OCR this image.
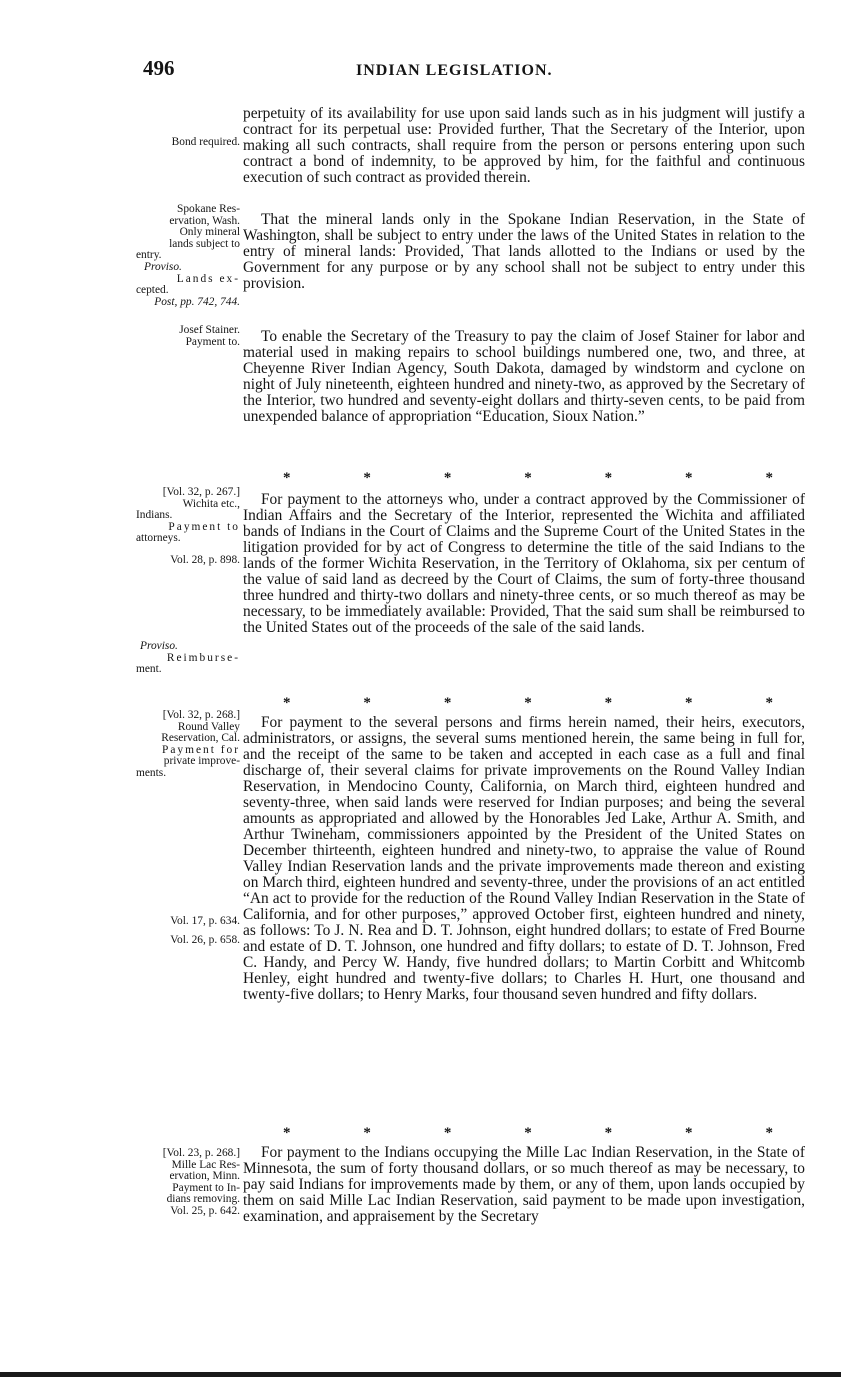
496	INDIAN LEGISLATION.
Bond required.
Spokane Res-
ervation, Wash.
Only mineral
lands subject to
entry.
Proviso.
Lands ex-
cepted.
Post, pp. 742, 744.
Josef Stainer.
Payment to.
[Vol. 32, p. 267.]
Wichita etc.,
Indians.
Payment to
attorneys.
Vol. 28, p. 898.
Proviso.
Reimburse-
ment.
[Vol. 32, p. 268.]
Round Valley
Reservation, Cal.
Payment for
private improve-
ments.
Vol. 17, p. 634.
Vol. 26, p. 658.
[Vol. 23, p. 268.]
Mille Lac Res-
ervation, Minn.
Payment to In-
dians removing.
Vol. 25, p. 642.

perpetuity of its availability for use upon said lands such as in his judgment will justify a contract for its perpetual use: Provided further, That the Secretary of the Interior, upon making all such contracts, shall require from the person or persons entering upon such contract a bond of indemnity, to be approved by him, for the faithful and continuous execution of such contract as provided therein.

That the mineral lands only in the Spokane Indian Reservation, in the State of Washington, shall be subject to entry under the laws of the United States in relation to the entry of mineral lands: Provided, That lands allotted to the Indians or used by the Government for any purpose or by any school shall not be subject to entry under this provision.

To enable the Secretary of the Treasury to pay the claim of Josef Stainer for labor and material used in making repairs to school buildings numbered one, two, and three, at Cheyenne River Indian Agency, South Dakota, damaged by windstorm and cyclone on night of July nineteenth, eighteen hundred and ninety-two, as approved by the Secretary of the Interior, two hundred and seventy-eight dollars and thirty-seven cents, to be paid from unexpended balance of appropriation “Education, Sioux Nation.”

*	*	*	*	*	*	*

For payment to the attorneys who, under a contract approved by the Commissioner of Indian Affairs and the Secretary of the Interior, represented the Wichita and affiliated bands of Indians in the Court of Claims and the Supreme Court of the United States in the litigation provided for by act of Congress to determine the title of the said Indians to the lands of the former Wichita Reservation, in the Territory of Oklahoma, six per centum of the value of said land as decreed by the Court of Claims, the sum of forty-three thousand three hundred and thirty-two dollars and ninety-three cents, or so much thereof as may be necessary, to be immediately available: Provided, That the said sum shall be reimbursed to the United States out of the proceeds of the sale of the said lands.

*	*	*	*	*	*	*

For payment to the several persons and firms herein named, their heirs, executors, administrators, or assigns, the several sums mentioned herein, the same being in full for, and the receipt of the same to be taken and accepted in each case as a full and final discharge of, their several claims for private improvements on the Round Valley Indian Reservation, in Mendocino County, California, on March third, eighteen hundred and seventy-three, when said lands were reserved for Indian purposes; and being the several amounts as appropriated and allowed by the Honorables Jed Lake, Arthur A. Smith, and Arthur Twineham, commissioners appointed by the President of the United States on December thirteenth, eighteen hundred and ninety-two, to appraise the value of Round Valley Indian Reservation lands and the private improvements made thereon and existing on March third, eighteen hundred and seventy-three, under the provisions of an act entitled “An act to provide for the reduction of the Round Valley Indian Reservation in the State of California, and for other purposes,” approved October first, eighteen hundred and ninety, as follows: To J. N. Rea and D. T. Johnson, eight hundred dollars; to estate of Fred Bourne and estate of D. T. Johnson, one hundred and fifty dollars; to estate of D. T. Johnson, Fred C. Handy, and Percy W. Handy, five hundred dollars; to Martin Corbitt and Whitcomb Henley, eight hundred and twenty-five dollars; to Charles H. Hurt, one thousand and twenty-five dollars; to Henry Marks, four thousand seven hundred and fifty dollars.

*	*	*	*	*	*	*

For payment to the Indians occupying the Mille Lac Indian Reservation, in the State of Minnesota, the sum of forty thousand dollars, or so much thereof as may be necessary, to pay said Indians for improvements made by them, or any of them, upon lands occupied by them on said Mille Lac Indian Reservation, said payment to be made upon investigation, examination, and appraisement by the Secretary
